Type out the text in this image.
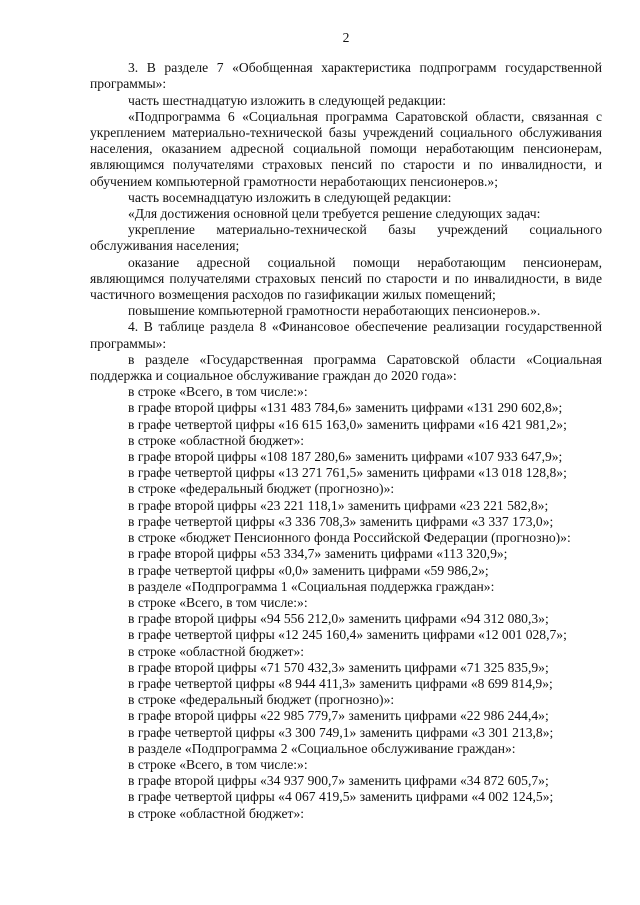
2

3. В разделе 7 «Обобщенная характеристика подпрограмм государственной программы»:

часть шестнадцатую изложить в следующей редакции:

«Подпрограмма 6 «Социальная программа Саратовской области, связанная с укреплением материально-технической базы учреждений социального обслуживания населения, оказанием адресной социальной помощи неработающим пенсионерам, являющимся получателями страховых пенсий по старости и по инвалидности, и обучением компьютерной грамотности неработающих пенсионеров.»;

часть восемнадцатую изложить в следующей редакции:

«Для достижения основной цели требуется решение следующих задач:

укрепление материально-технической базы учреждений социального обслуживания населения;

оказание адресной социальной помощи неработающим пенсионерам, являющимся получателями страховых пенсий по старости и по инвалидности, в виде частичного возмещения расходов по газификации жилых помещений;

повышение компьютерной грамотности неработающих пенсионеров.».

4. В таблице раздела 8 «Финансовое обеспечение реализации государственной программы»:

в разделе «Государственная программа Саратовской области «Социальная поддержка и социальное обслуживание граждан до 2020 года»:

в строке «Всего, в том числе:»:
в графе второй цифры «131 483 784,6» заменить цифрами «131 290 602,8»;
в графе четвертой цифры «16 615 163,0» заменить цифрами «16 421 981,2»;
в строке «областной бюджет»:
в графе второй цифры «108 187 280,6» заменить цифрами «107 933 647,9»;
в графе четвертой цифры «13 271 761,5» заменить цифрами «13 018 128,8»;
в строке «федеральный бюджет (прогнозно)»:
в графе второй цифры «23 221 118,1» заменить цифрами «23 221 582,8»;
в графе четвертой цифры «3 336 708,3» заменить цифрами «3 337 173,0»;
в строке «бюджет Пенсионного фонда Российской Федерации (прогнозно)»:
в графе второй цифры «53 334,7» заменить цифрами «113 320,9»;
в графе четвертой цифры «0,0» заменить цифрами «59 986,2»;
в разделе «Подпрограмма 1 «Социальная поддержка граждан»:
в строке «Всего, в том числе:»:
в графе второй цифры «94 556 212,0» заменить цифрами «94 312 080,3»;
в графе четвертой цифры «12 245 160,4» заменить цифрами «12 001 028,7»;
в строке «областной бюджет»:
в графе второй цифры «71 570 432,3» заменить цифрами «71 325 835,9»;
в графе четвертой цифры «8 944 411,3» заменить цифрами «8 699 814,9»;
в строке «федеральный бюджет (прогнозно)»:
в графе второй цифры «22 985 779,7» заменить цифрами «22 986 244,4»;
в графе четвертой цифры «3 300 749,1» заменить цифрами «3 301 213,8»;
в разделе «Подпрограмма 2 «Социальное обслуживание граждан»:
в строке «Всего, в том числе:»:
в графе второй цифры «34 937 900,7» заменить цифрами «34 872 605,7»;
в графе четвертой цифры «4 067 419,5» заменить цифрами «4 002 124,5»;
в строке «областной бюджет»:
